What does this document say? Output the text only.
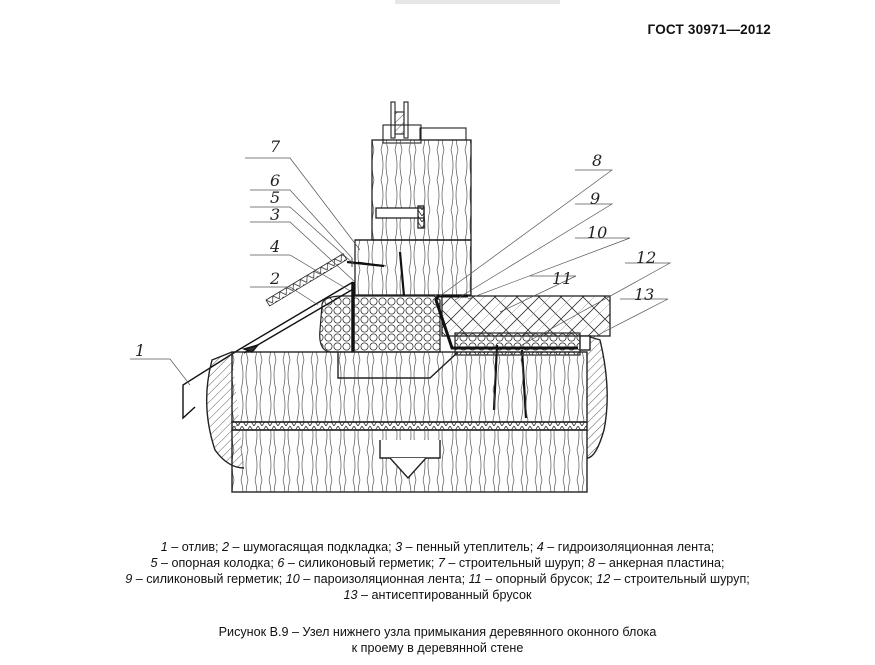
ГОСТ 30971—2012
7
6
5
3
4
2
1
8
9
10
11
12
13
1 – отлив; 2 – шумогасящая подкладка; 3 – пенный утеплитель; 4 – гидроизоляционная лента;
5 – опорная колодка; 6 – силиконовый герметик; 7 – строительный шуруп; 8 – анкерная пластина;
9 – силиконовый герметик; 10 – пароизоляционная лента; 11 – опорный брусок; 12 – строительный шуруп;
13 – антисептированный брусок
Рисунок В.9 – Узел нижнего узла примыкания деревянного оконного блока
к проему в деревянной стене
